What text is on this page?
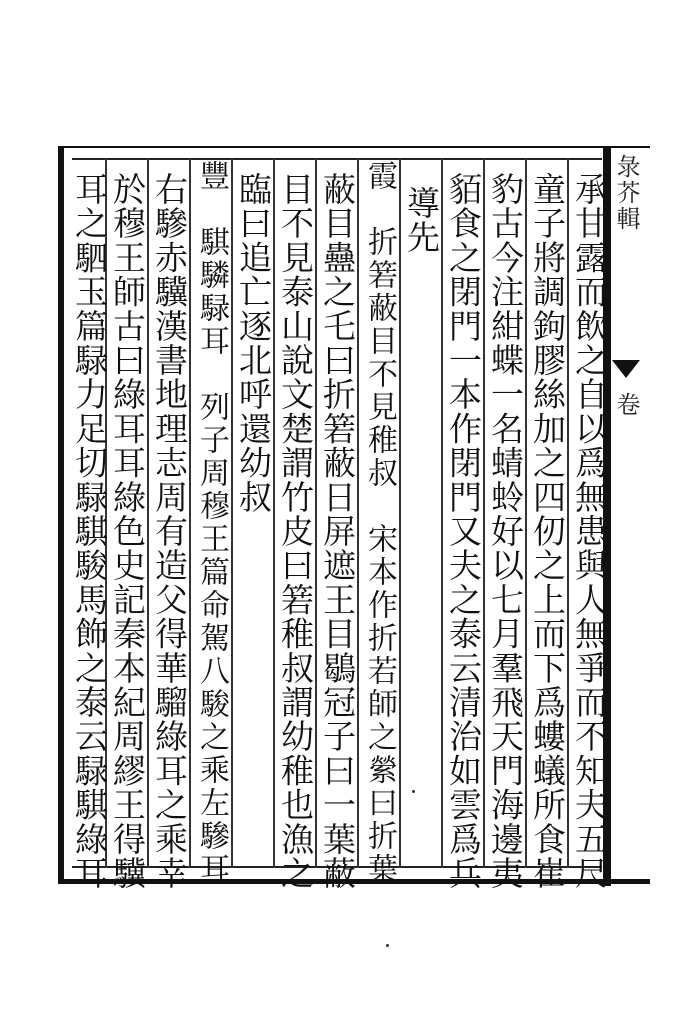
承甘露而飲之自以爲無患與人無爭而不知夫五尺
童子將調鉤膠絲加之四仞之上而下爲螻蟻所食崔
豹古今注紺蝶一名蜻蛉好以七月羣飛天門海邊夷
貊食之閉門一本作閉門又夫之泰云清治如雲爲兵
導先
霞　折箬蔽目不見稚叔　宋本作折若師之縈曰折葉
蔽目蠱之乇曰折箬蔽日屏遮王目鶡冠子曰一葉蔽
目不見泰山說文楚謂竹皮曰箬稚叔謂幼稚也漁之
臨曰追亡逐北呼還幼叔
豐　騏驎騄耳　列子周穆王篇命駕八駿之乘左驂耳
右驂赤驥漢書地理志周有造父得華騮綠耳之乘幸
於穆王師古曰綠耳耳綠色史記秦本紀周繆王得驥
耳之駟玉篇騄力足切騄騏駿馬飾之泰云騄騏綠耳	彔芥輯
卷
